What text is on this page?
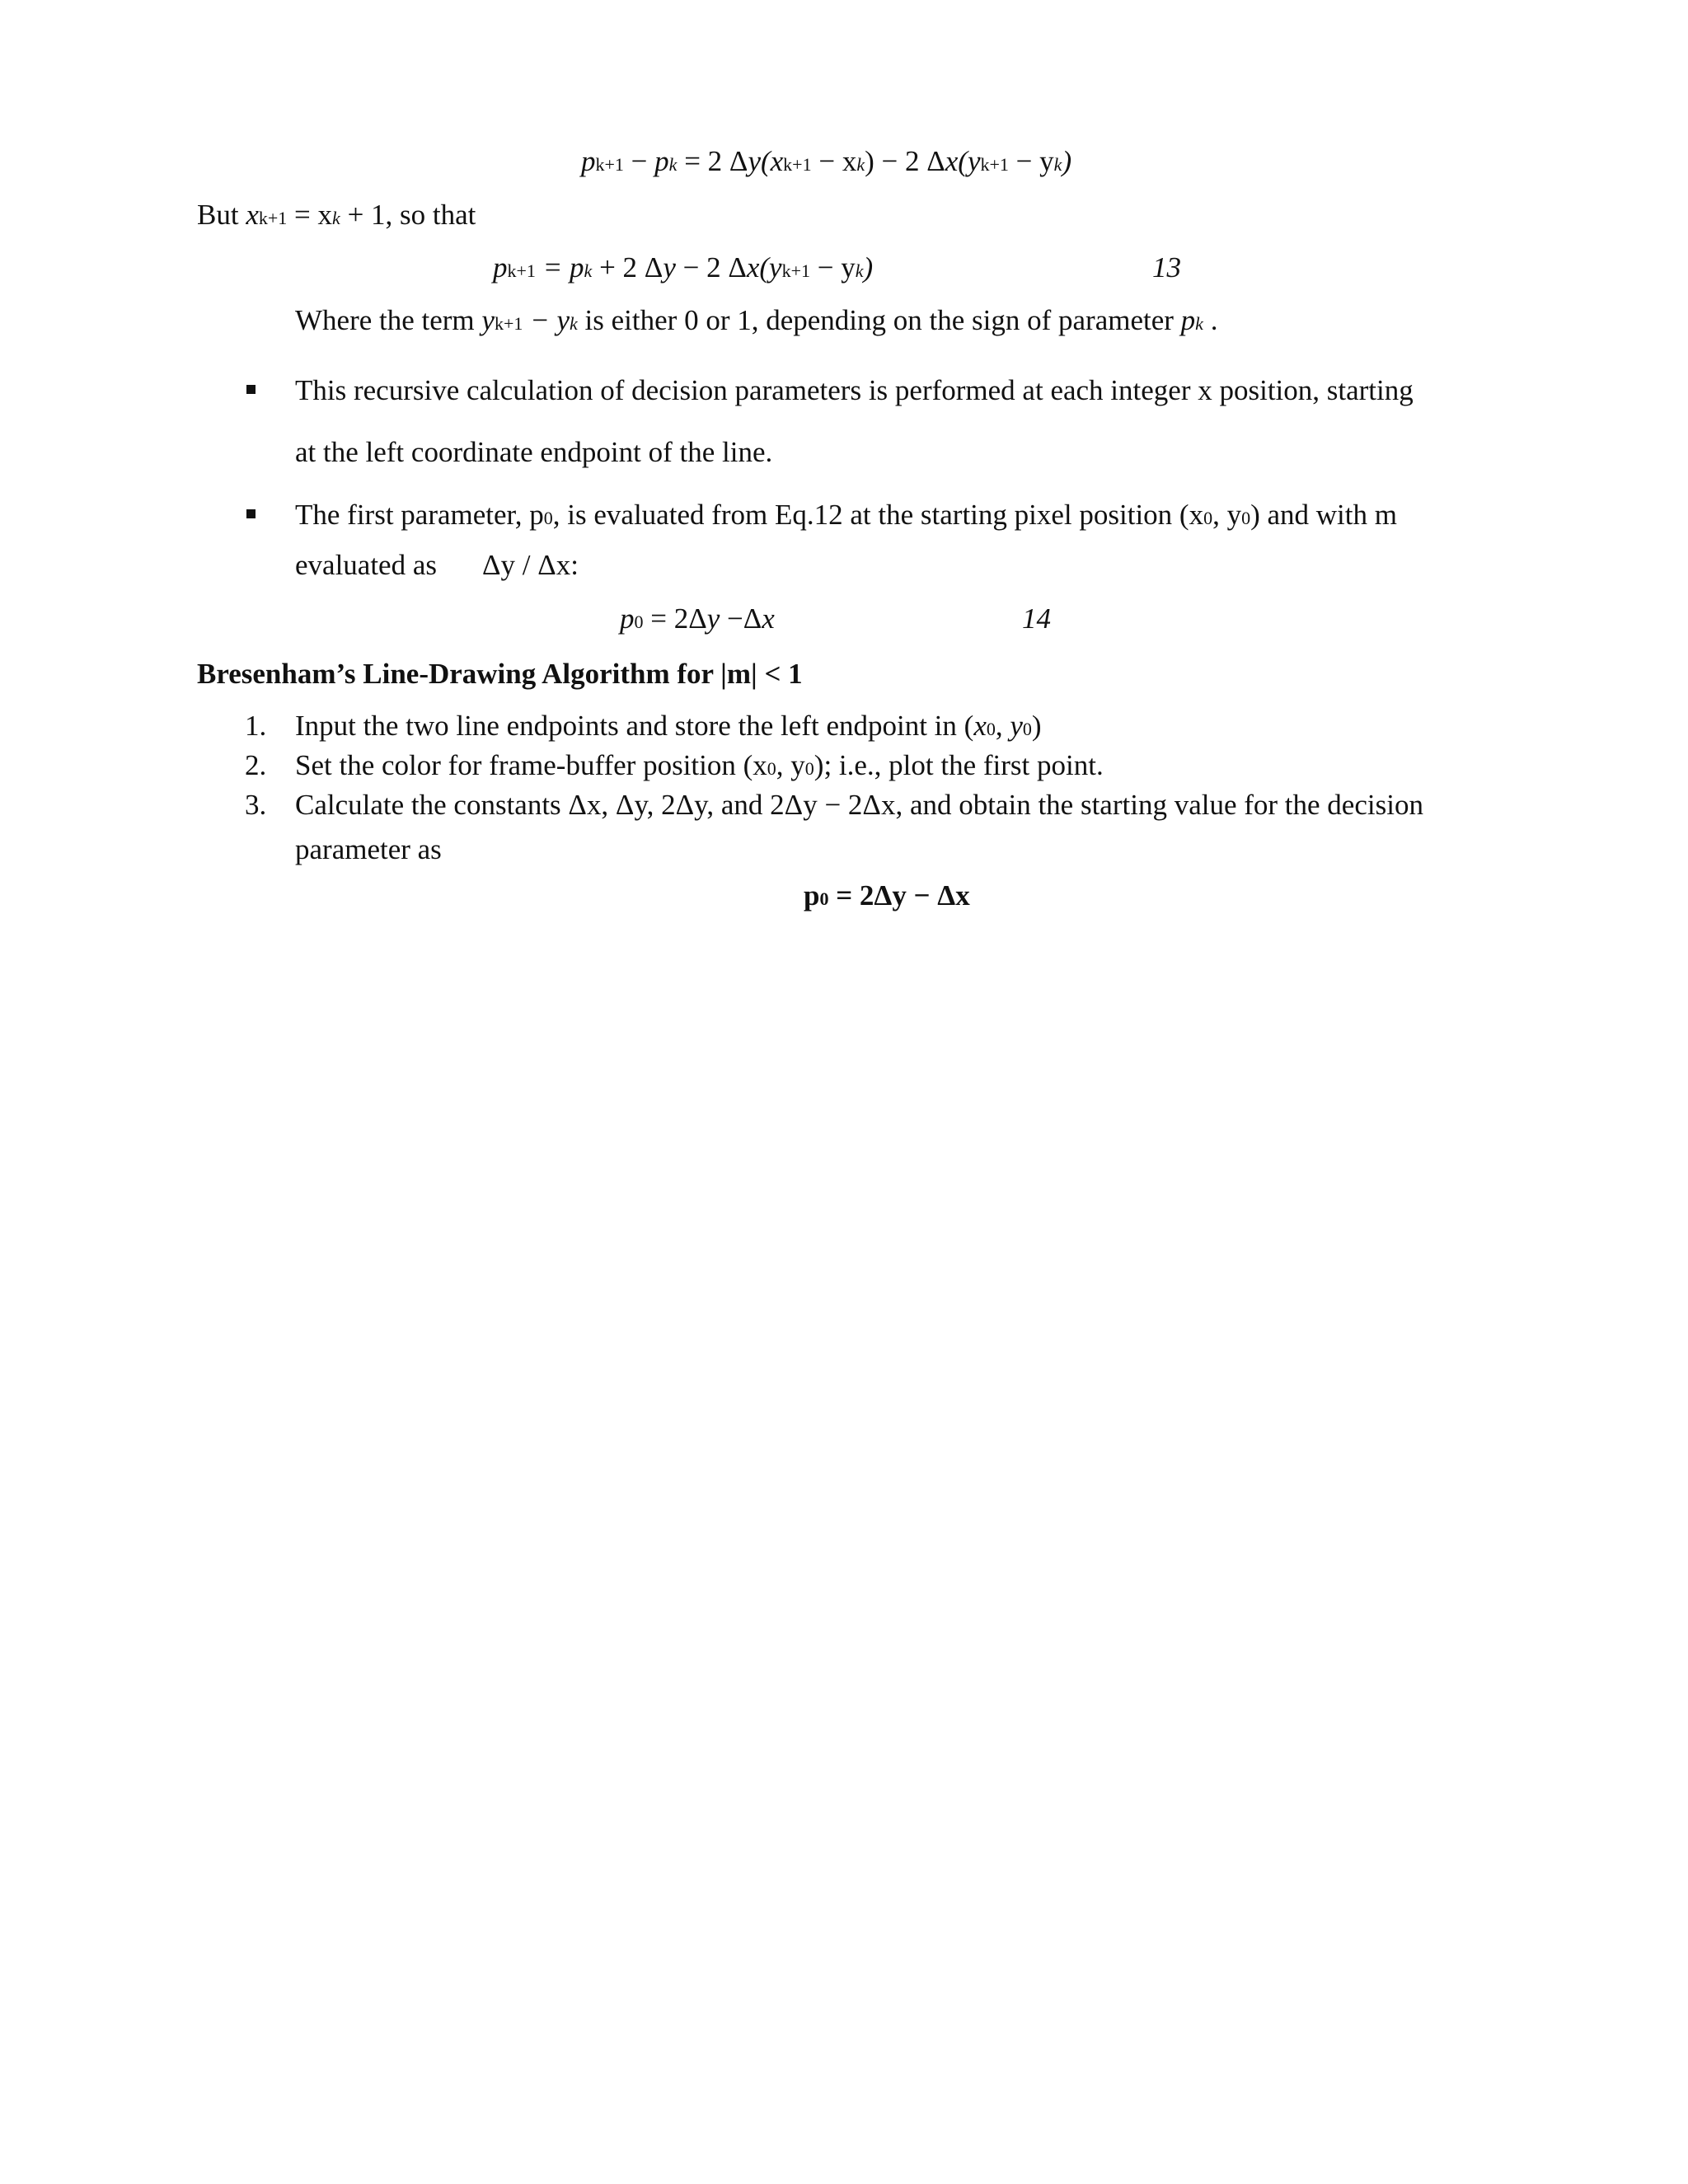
pk+1 − pk = 2 Δy(xk+1 − xk) − 2 Δx(yk+1 − yk)
But xk+1 = xk + 1, so that
pk+1 = pk + 2 Δy − 2 Δx(yk+1 − yk)	13
Where the term yk+1 − yk is either 0 or 1, depending on the sign of parameter pk .
This recursive calculation of decision parameters is performed at each integer x position, starting
at the left coordinate endpoint of the line.
The first parameter, p0, is evaluated from Eq.12 at the starting pixel position (x0, y0) and with m
evaluated as Δy / Δx:
p0 = 2Δy −Δx	14
Bresenham’s Line-Drawing Algorithm for |m| < 1
1. Input the two line endpoints and store the left endpoint in (x0, y0)
2. Set the color for frame-buffer position (x0, y0); i.e., plot the first point.
3. Calculate the constants Δx, Δy, 2Δy, and 2Δy − 2Δx, and obtain the starting value for the decision
parameter as
p0 = 2Δy − Δx
